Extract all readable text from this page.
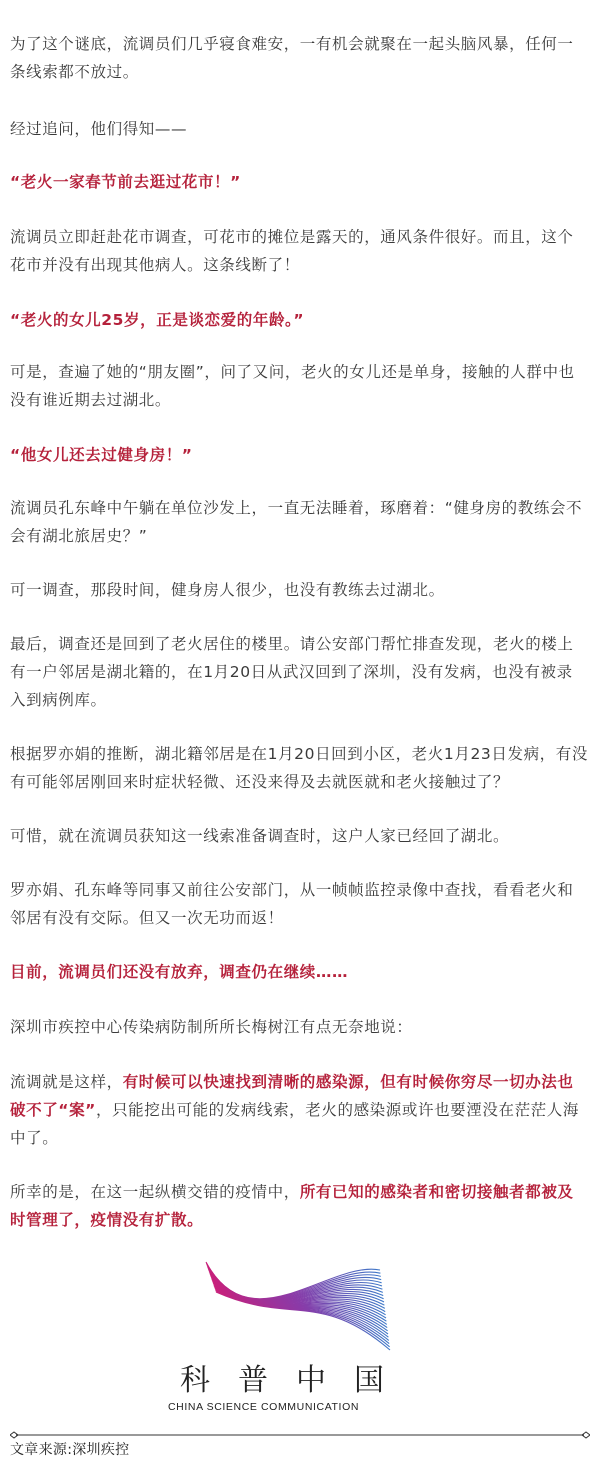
为了这个谜底，流调员们几乎寝食难安，一有机会就聚在一起头脑风暴，任何一条线索都不放过。

经过追问，他们得知——

“老火一家春节前去逛过花市！”

流调员立即赶赴花市调查，可花市的摊位是露天的，通风条件很好。而且，这个花市并没有出现其他病人。这条线断了！

“老火的女儿25岁，正是谈恋爱的年龄。”

可是，查遍了她的“朋友圈”，问了又问，老火的女儿还是单身，接触的人群中也没有谁近期去过湖北。

“他女儿还去过健身房！”

流调员孔东峰中午躺在单位沙发上，一直无法睡着，琢磨着：“健身房的教练会不会有湖北旅居史？”

可一调查，那段时间，健身房人很少，也没有教练去过湖北。

最后，调查还是回到了老火居住的楼里。请公安部门帮忙排查发现，老火的楼上有一户邻居是湖北籍的，在1月20日从武汉回到了深圳，没有发病，也没有被录入到病例库。

根据罗亦娟的推断，湖北籍邻居是在1月20日回到小区，老火1月23日发病，有没有可能邻居刚回来时症状轻微、还没来得及去就医就和老火接触过了？

可惜，就在流调员获知这一线索准备调查时，这户人家已经回了湖北。

罗亦娟、孔东峰等同事又前往公安部门，从一帧帧监控录像中查找，看看老火和邻居有没有交际。但又一次无功而返！

目前，流调员们还没有放弃，调查仍在继续……

深圳市疾控中心传染病防制所所长梅树江有点无奈地说：

流调就是这样，有时候可以快速找到清晰的感染源，但有时候你穷尽一切办法也破不了“案”，只能挖出可能的发病线索，老火的感染源或许也要湮没在茫茫人海中了。

所幸的是，在这一起纵横交错的疫情中，所有已知的感染者和密切接触者都被及时管理了，疫情没有扩散。

科 普 中 国
CHINA SCIENCE COMMUNICATION
文章来源:深圳疾控
